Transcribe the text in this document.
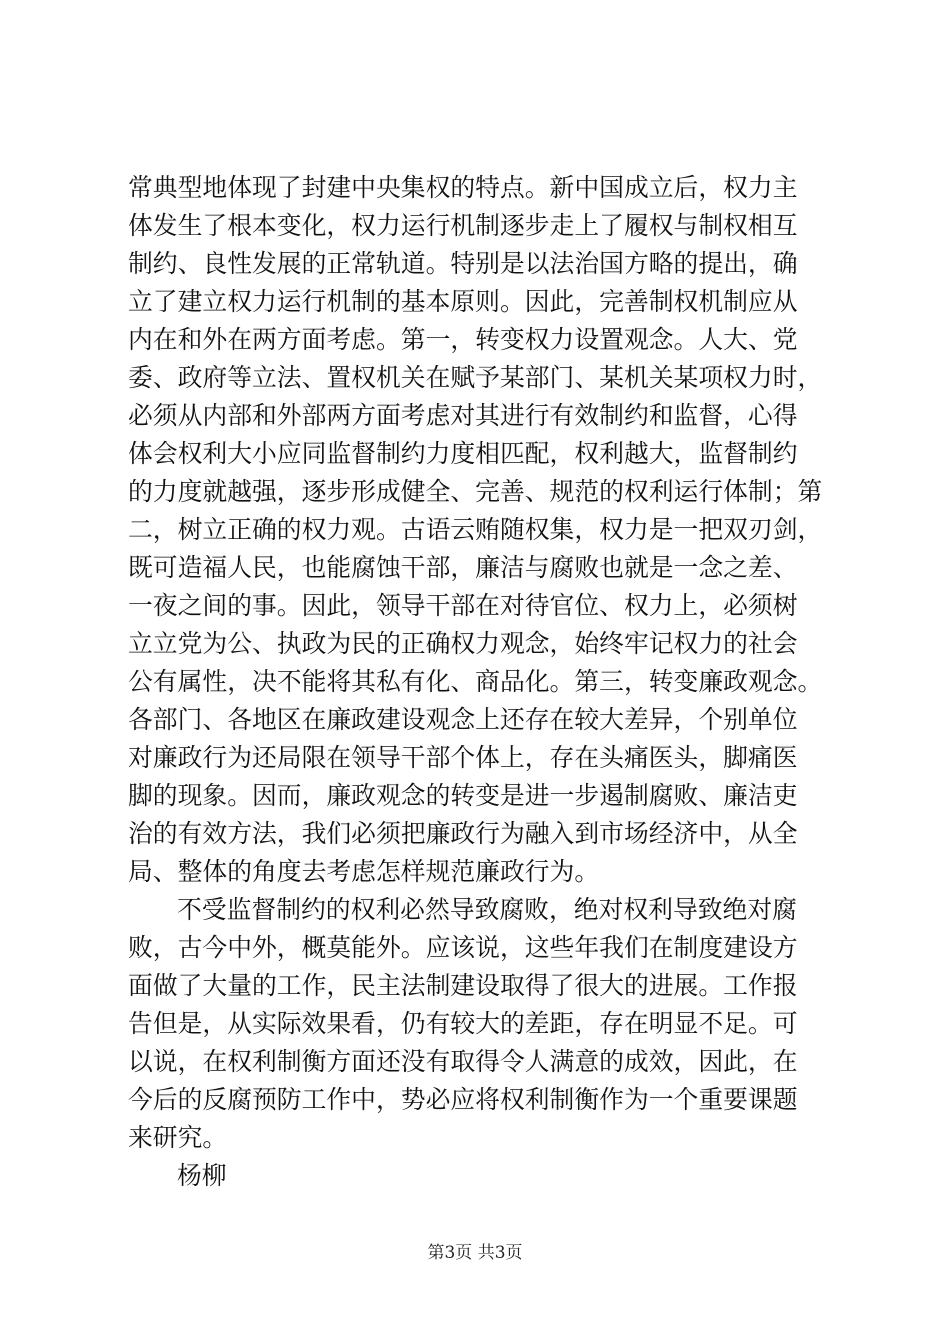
常典型地体现了封建中央集权的特点。新中国成立后，权力主
体发生了根本变化，权力运行机制逐步走上了履权与制权相互
制约、良性发展的正常轨道。特别是以法治国方略的提出，确
立了建立权力运行机制的基本原则。因此，完善制权机制应从
内在和外在两方面考虑。第一，转变权力设置观念。人大、党
委、政府等立法、置权机关在赋予某部门、某机关某项权力时，
必须从内部和外部两方面考虑对其进行有效制约和监督，心得
体会权利大小应同监督制约力度相匹配，权利越大，监督制约
的力度就越强，逐步形成健全、完善、规范的权利运行体制；第
二，树立正确的权力观。古语云贿随权集，权力是一把双刃剑，
既可造福人民，也能腐蚀干部，廉洁与腐败也就是一念之差、
一夜之间的事。因此，领导干部在对待官位、权力上，必须树
立立党为公、执政为民的正确权力观念，始终牢记权力的社会
公有属性，决不能将其私有化、商品化。第三，转变廉政观念。
各部门、各地区在廉政建设观念上还存在较大差异，个别单位
对廉政行为还局限在领导干部个体上，存在头痛医头，脚痛医
脚的现象。因而，廉政观念的转变是进一步遏制腐败、廉洁吏
治的有效方法，我们必须把廉政行为融入到市场经济中，从全
局、整体的角度去考虑怎样规范廉政行为。
不受监督制约的权利必然导致腐败，绝对权利导致绝对腐
败，古今中外，概莫能外。应该说，这些年我们在制度建设方
面做了大量的工作，民主法制建设取得了很大的进展。工作报
告但是，从实际效果看，仍有较大的差距，存在明显不足。可
以说，在权利制衡方面还没有取得令人满意的成效，因此，在
今后的反腐预防工作中，势必应将权利制衡作为一个重要课题
来研究。
杨柳
第3页 共3页
